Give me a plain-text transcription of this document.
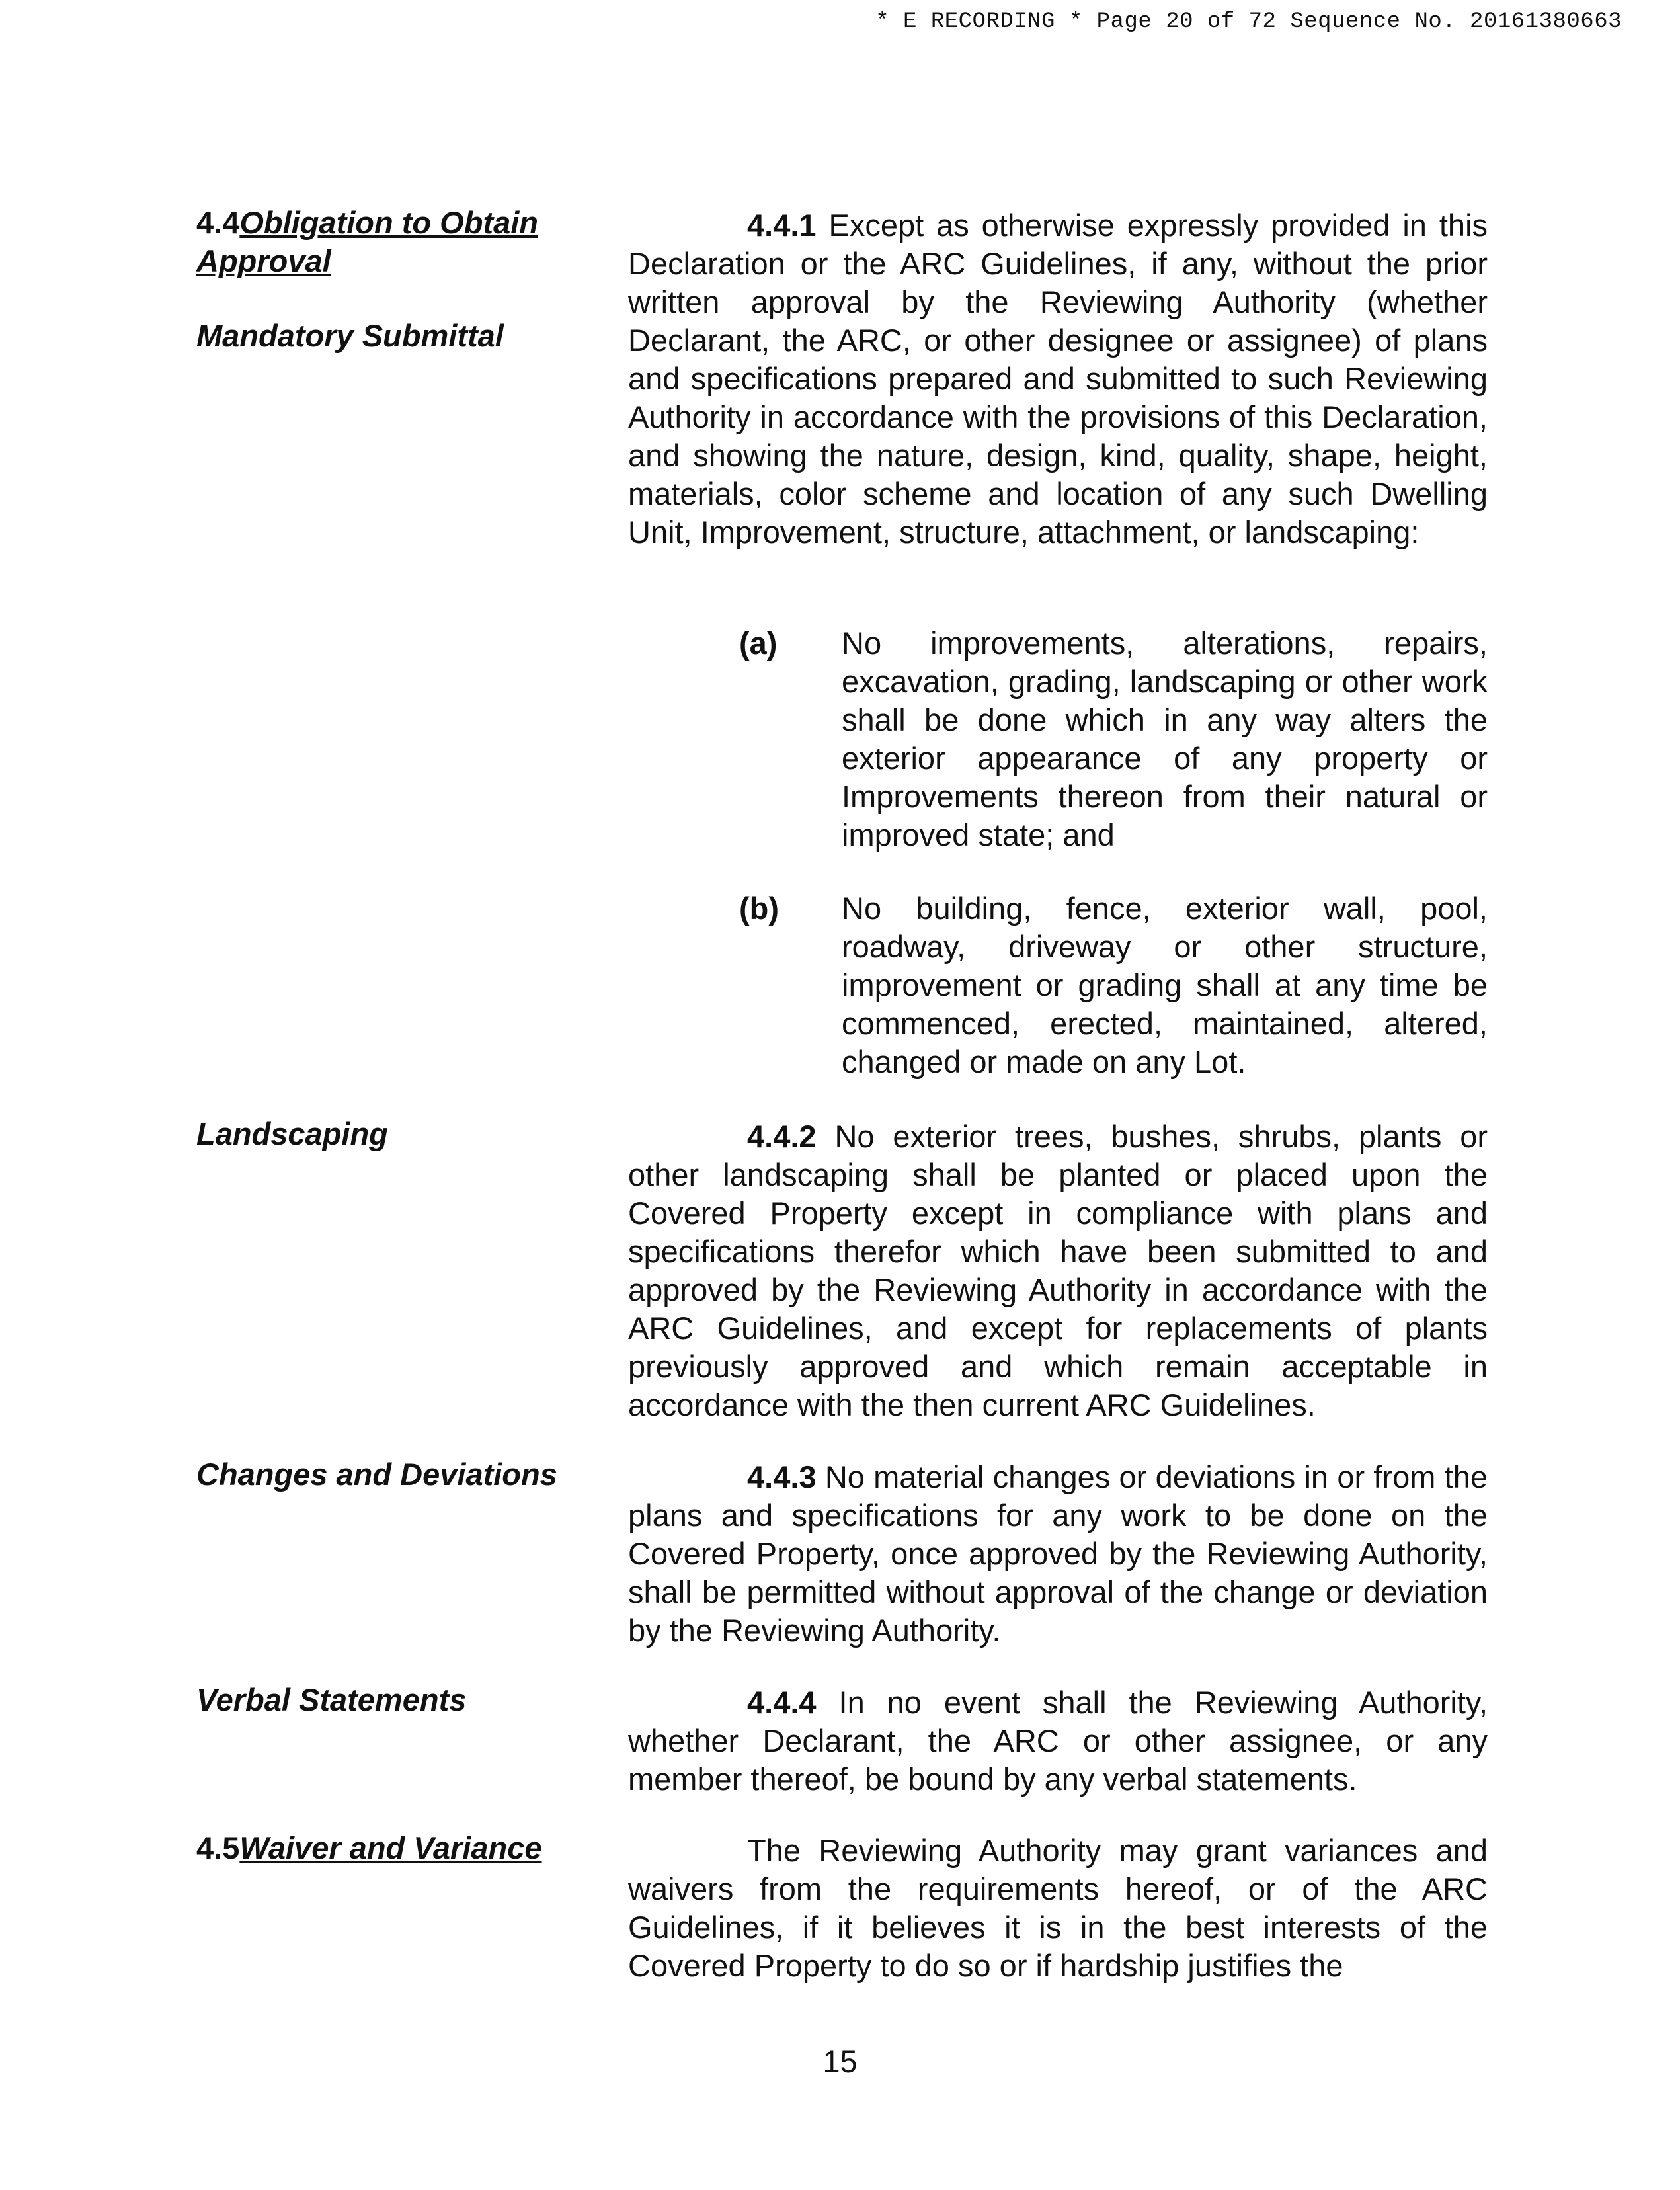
* E RECORDING * Page 20 of 72 Sequence No. 20161380663
4.4Obligation to Obtain
Approval
Mandatory Submittal
4.4.1 Except as otherwise expressly provided in this Declaration or the ARC Guidelines, if any, without the prior written approval by the Reviewing Authority (whether Declarant, the ARC, or other designee or assignee) of plans and specifications prepared and submitted to such Reviewing Authority in accordance with the provisions of this Declaration, and showing the nature, design, kind, quality, shape, height, materials, color scheme and location of any such Dwelling Unit, Improvement, structure, attachment, or landscaping:
(a) No improvements, alterations, repairs, excavation, grading, landscaping or other work shall be done which in any way alters the exterior appearance of any property or Improvements thereon from their natural or improved state; and
(b) No building, fence, exterior wall, pool, roadway, driveway or other structure, improvement or grading shall at any time be commenced, erected, maintained, altered, changed or made on any Lot.
Landscaping	4.4.2 No exterior trees, bushes, shrubs, plants or other landscaping shall be planted or placed upon the Covered Property except in compliance with plans and specifications therefor which have been submitted to and approved by the Reviewing Authority in accordance with the ARC Guidelines, and except for replacements of plants previously approved and which remain acceptable in accordance with the then current ARC Guidelines.
Changes and Deviations	4.4.3 No material changes or deviations in or from the plans and specifications for any work to be done on the Covered Property, once approved by the Reviewing Authority, shall be permitted without approval of the change or deviation by the Reviewing Authority.
Verbal Statements	4.4.4 In no event shall the Reviewing Authority, whether Declarant, the ARC or other assignee, or any member thereof, be bound by any verbal statements.
4.5Waiver and Variance	The Reviewing Authority may grant variances and waivers from the requirements hereof, or of the ARC Guidelines, if it believes it is in the best interests of the Covered Property to do so or if hardship justifies the
15
